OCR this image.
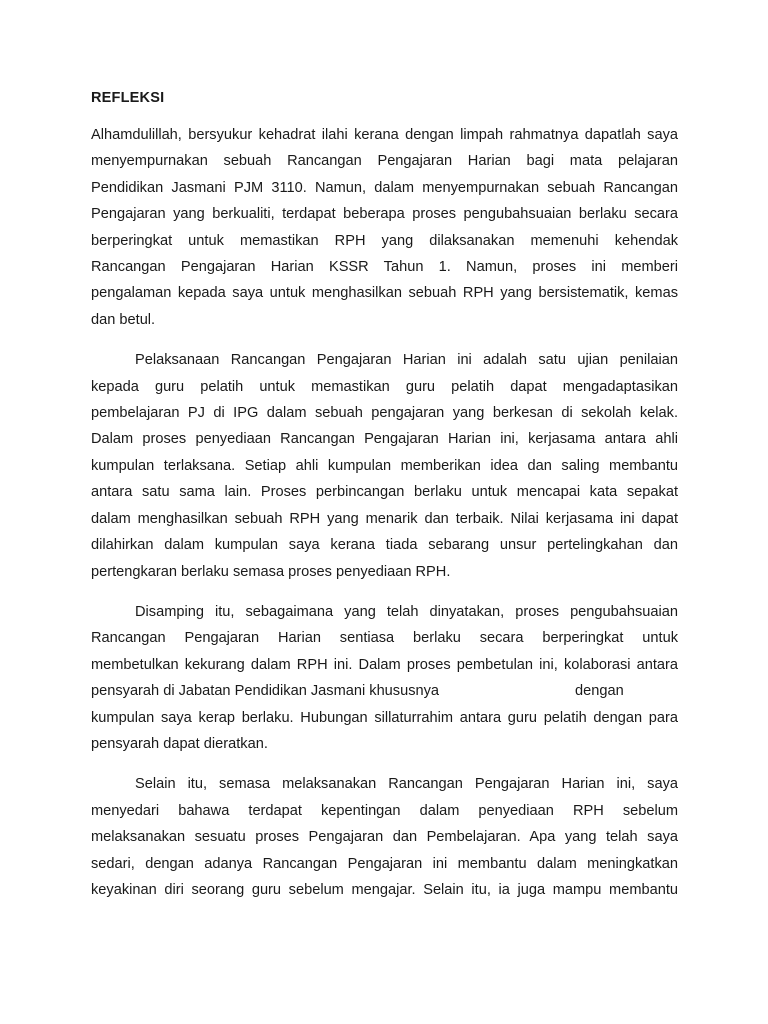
REFLEKSI
Alhamdulillah, bersyukur kehadrat ilahi kerana dengan limpah rahmatnya dapatlah saya
menyempurnakan sebuah Rancangan Pengajaran Harian bagi mata pelajaran
Pendidikan Jasmani PJM 3110. Namun, dalam menyempurnakan sebuah Rancangan
Pengajaran yang berkualiti, terdapat beberapa proses pengubahsuaian berlaku secara
berperingkat untuk memastikan RPH yang dilaksanakan memenuhi kehendak
Rancangan Pengajaran Harian KSSR Tahun 1. Namun, proses ini memberi
pengalaman kepada saya untuk menghasilkan sebuah RPH yang bersistematik, kemas
dan betul.
Pelaksanaan Rancangan Pengajaran Harian ini adalah satu ujian penilaian
kepada guru pelatih untuk memastikan guru pelatih dapat mengadaptasikan
pembelajaran PJ di IPG dalam sebuah pengajaran yang berkesan di sekolah kelak.
Dalam proses penyediaan Rancangan Pengajaran Harian ini, kerjasama antara ahli
kumpulan terlaksana. Setiap ahli kumpulan memberikan idea dan saling membantu
antara satu sama lain. Proses perbincangan berlaku untuk mencapai kata sepakat
dalam menghasilkan sebuah RPH yang menarik dan terbaik. Nilai kerjasama ini dapat
dilahirkan dalam kumpulan saya kerana tiada sebarang unsur pertelingkahan dan
pertengkaran berlaku semasa proses penyediaan RPH.
Disamping itu, sebagaimana yang telah dinyatakan, proses pengubahsuaian
Rancangan Pengajaran Harian sentiasa berlaku secara berperingkat untuk
membetulkan kekurang dalam RPH ini. Dalam proses pembetulan ini, kolaborasi antara
pensyarah di Jabatan Pendidikan Jasmani khususnya	dengan
kumpulan saya kerap berlaku. Hubungan sillaturrahim antara guru pelatih dengan para
pensyarah dapat dieratkan.
Selain itu, semasa melaksanakan Rancangan Pengajaran Harian ini, saya
menyedari bahawa terdapat kepentingan dalam penyediaan RPH sebelum
melaksanakan sesuatu proses Pengajaran dan Pembelajaran. Apa yang telah saya
sedari, dengan adanya Rancangan Pengajaran ini membantu dalam meningkatkan
keyakinan diri seorang guru sebelum mengajar. Selain itu, ia juga mampu membantu
